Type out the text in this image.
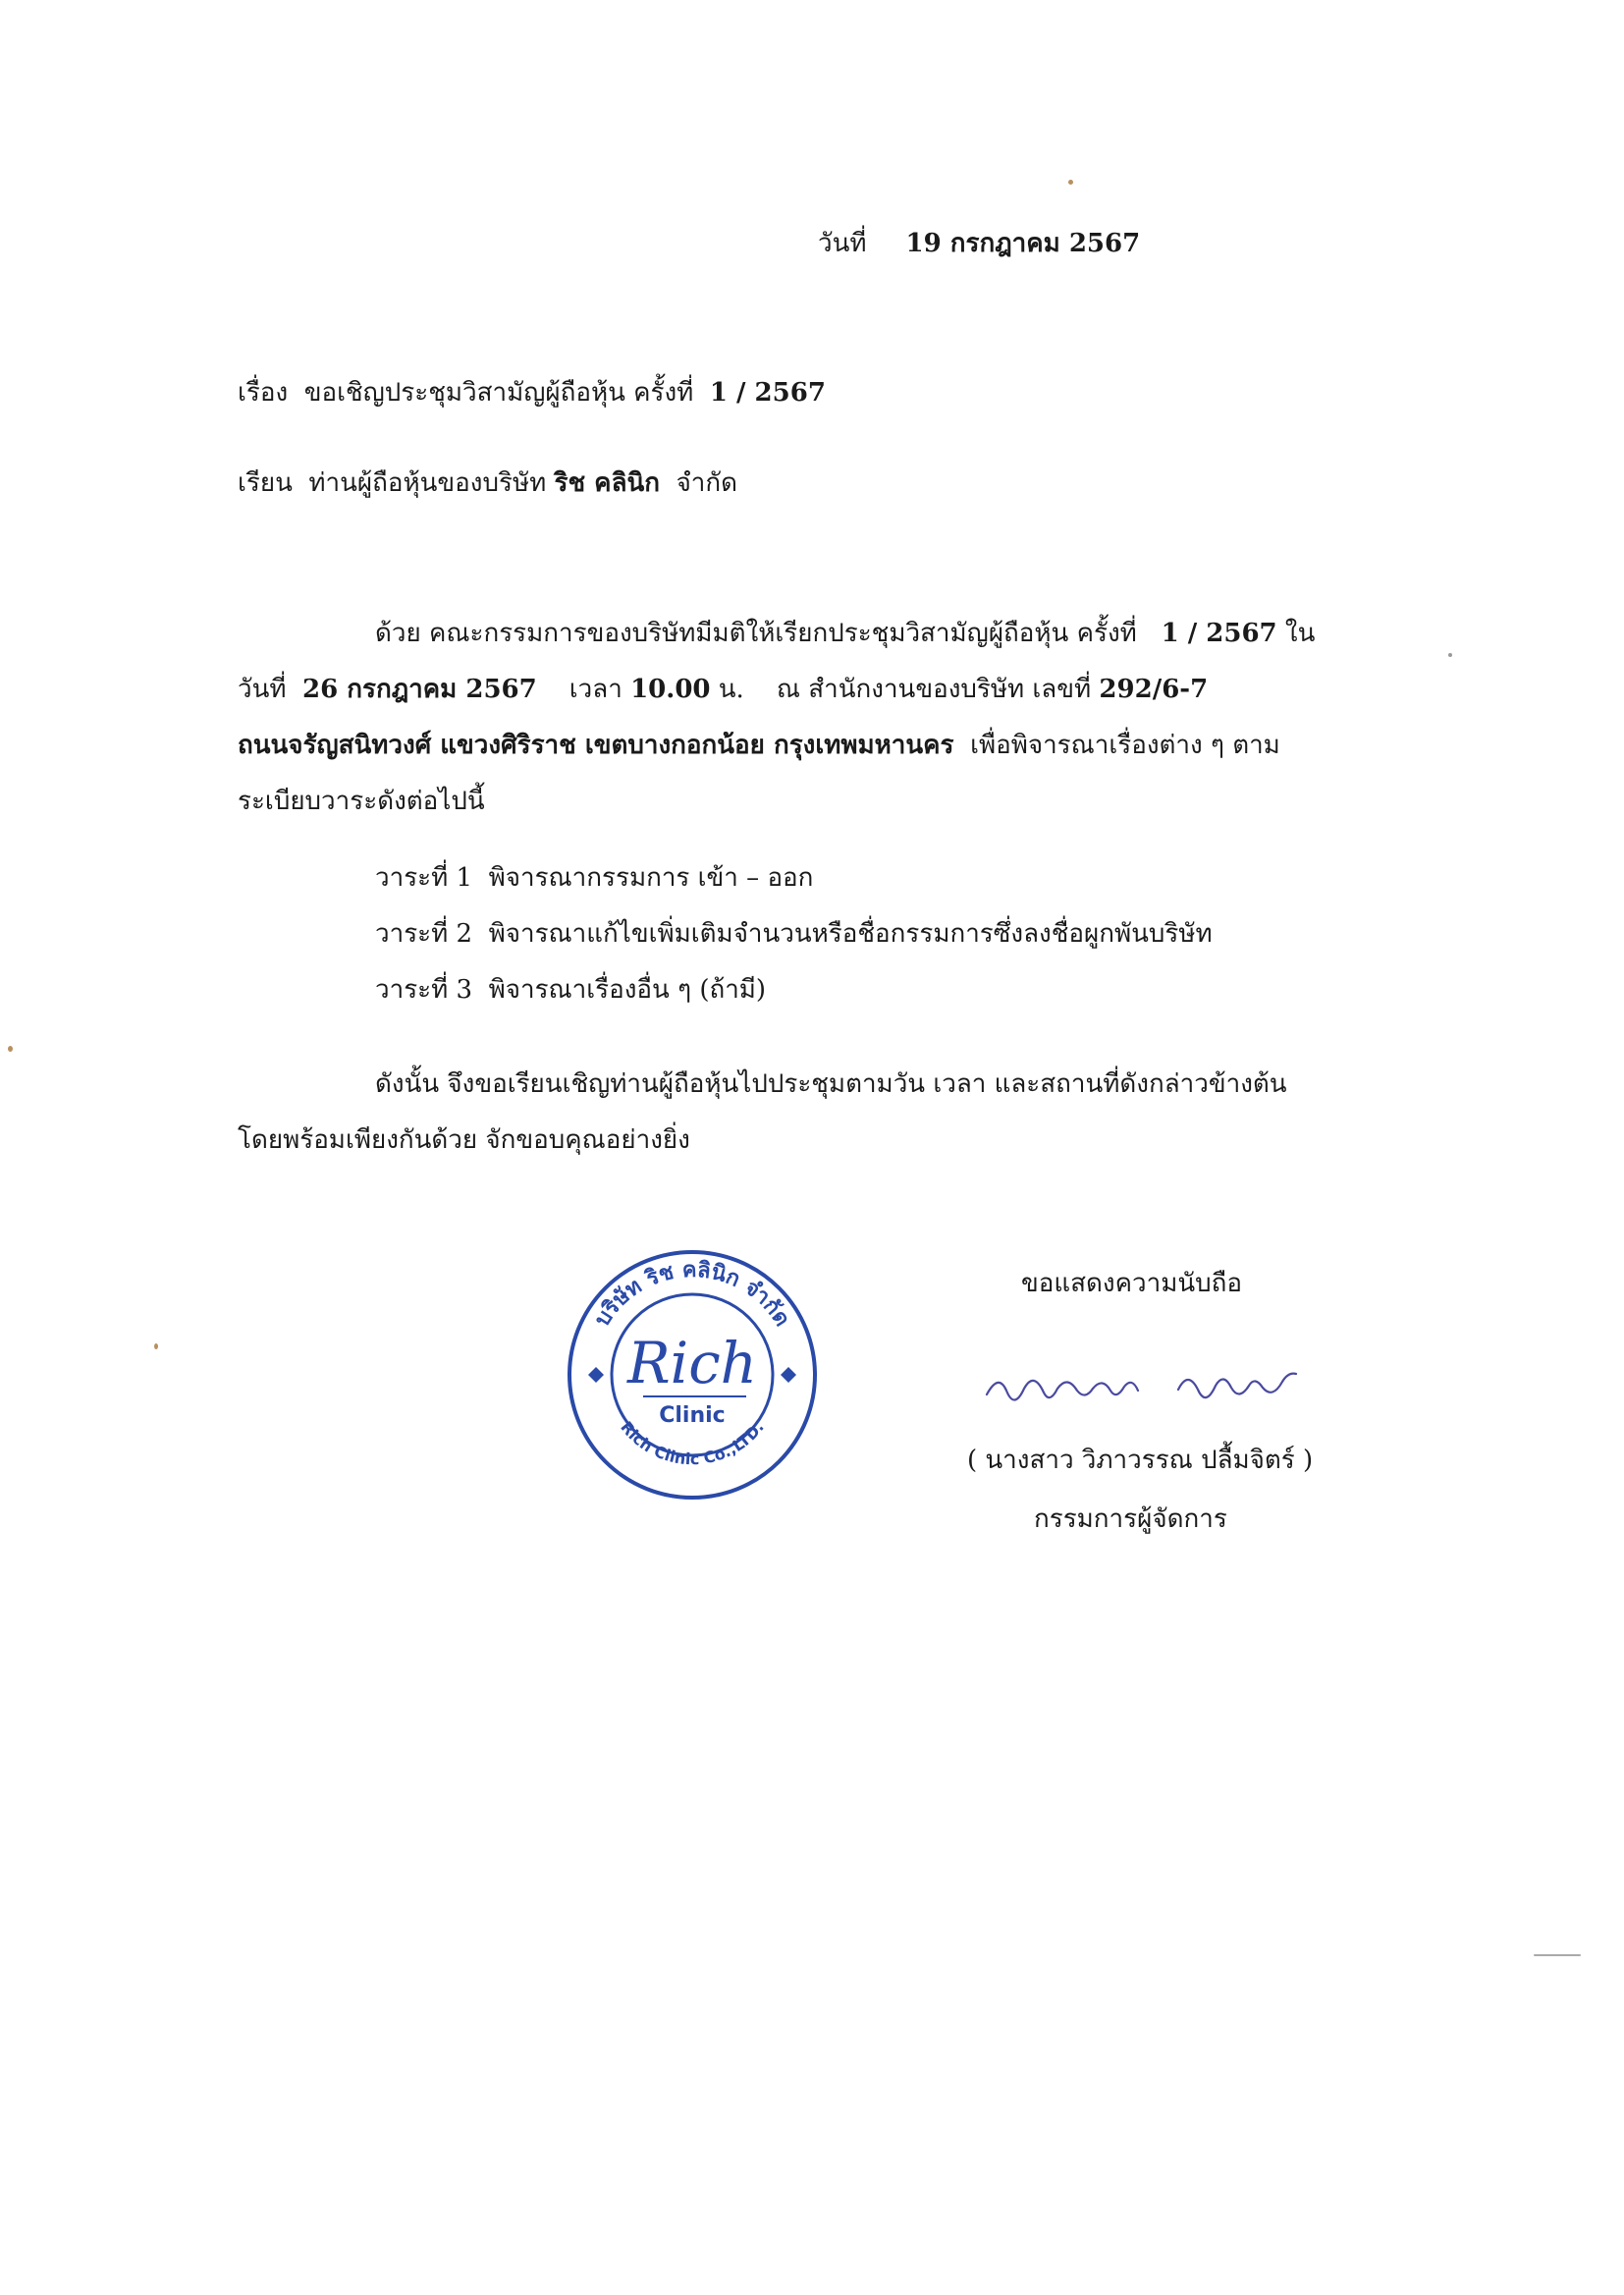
วันที่ 19 กรกฎาคม 2567
เรื่อง ขอเชิญประชุมวิสามัญผู้ถือหุ้น ครั้งที่ 1 / 2567
เรียน ท่านผู้ถือหุ้นของบริษัท ริช คลินิก จำกัด
ด้วย คณะกรรมการของบริษัทมีมติให้เรียกประชุมวิสามัญผู้ถือหุ้น ครั้งที่ 1 / 2567 ใน
วันที่ 26 กรกฎาคม 2567 เวลา 10.00 น. ณ สำนักงานของบริษัท เลขที่ 292/6-7
ถนนจรัญสนิทวงศ์ แขวงศิริราช เขตบางกอกน้อย กรุงเทพมหานคร เพื่อพิจารณาเรื่องต่าง ๆ ตาม
ระเบียบวาระดังต่อไปนี้
วาระที่ 1 พิจารณากรรมการ เข้า – ออก
วาระที่ 2 พิจารณาแก้ไขเพิ่มเติมจำนวนหรือชื่อกรรมการซึ่งลงชื่อผูกพันบริษัท
วาระที่ 3 พิจารณาเรื่องอื่น ๆ (ถ้ามี)
ดังนั้น จึงขอเรียนเชิญท่านผู้ถือหุ้นไปประชุมตามวัน เวลา และสถานที่ดังกล่าวข้างต้น
โดยพร้อมเพียงกันด้วย จักขอบคุณอย่างยิ่ง
บริษัท ริช คลินิก จำกัด
Rich Clinic Co.,LTD.
Rich
Clinic
ขอแสดงความนับถือ
( นางสาว วิภาวรรณ ปลื้มจิตร์ )
กรรมการผู้จัดการ
